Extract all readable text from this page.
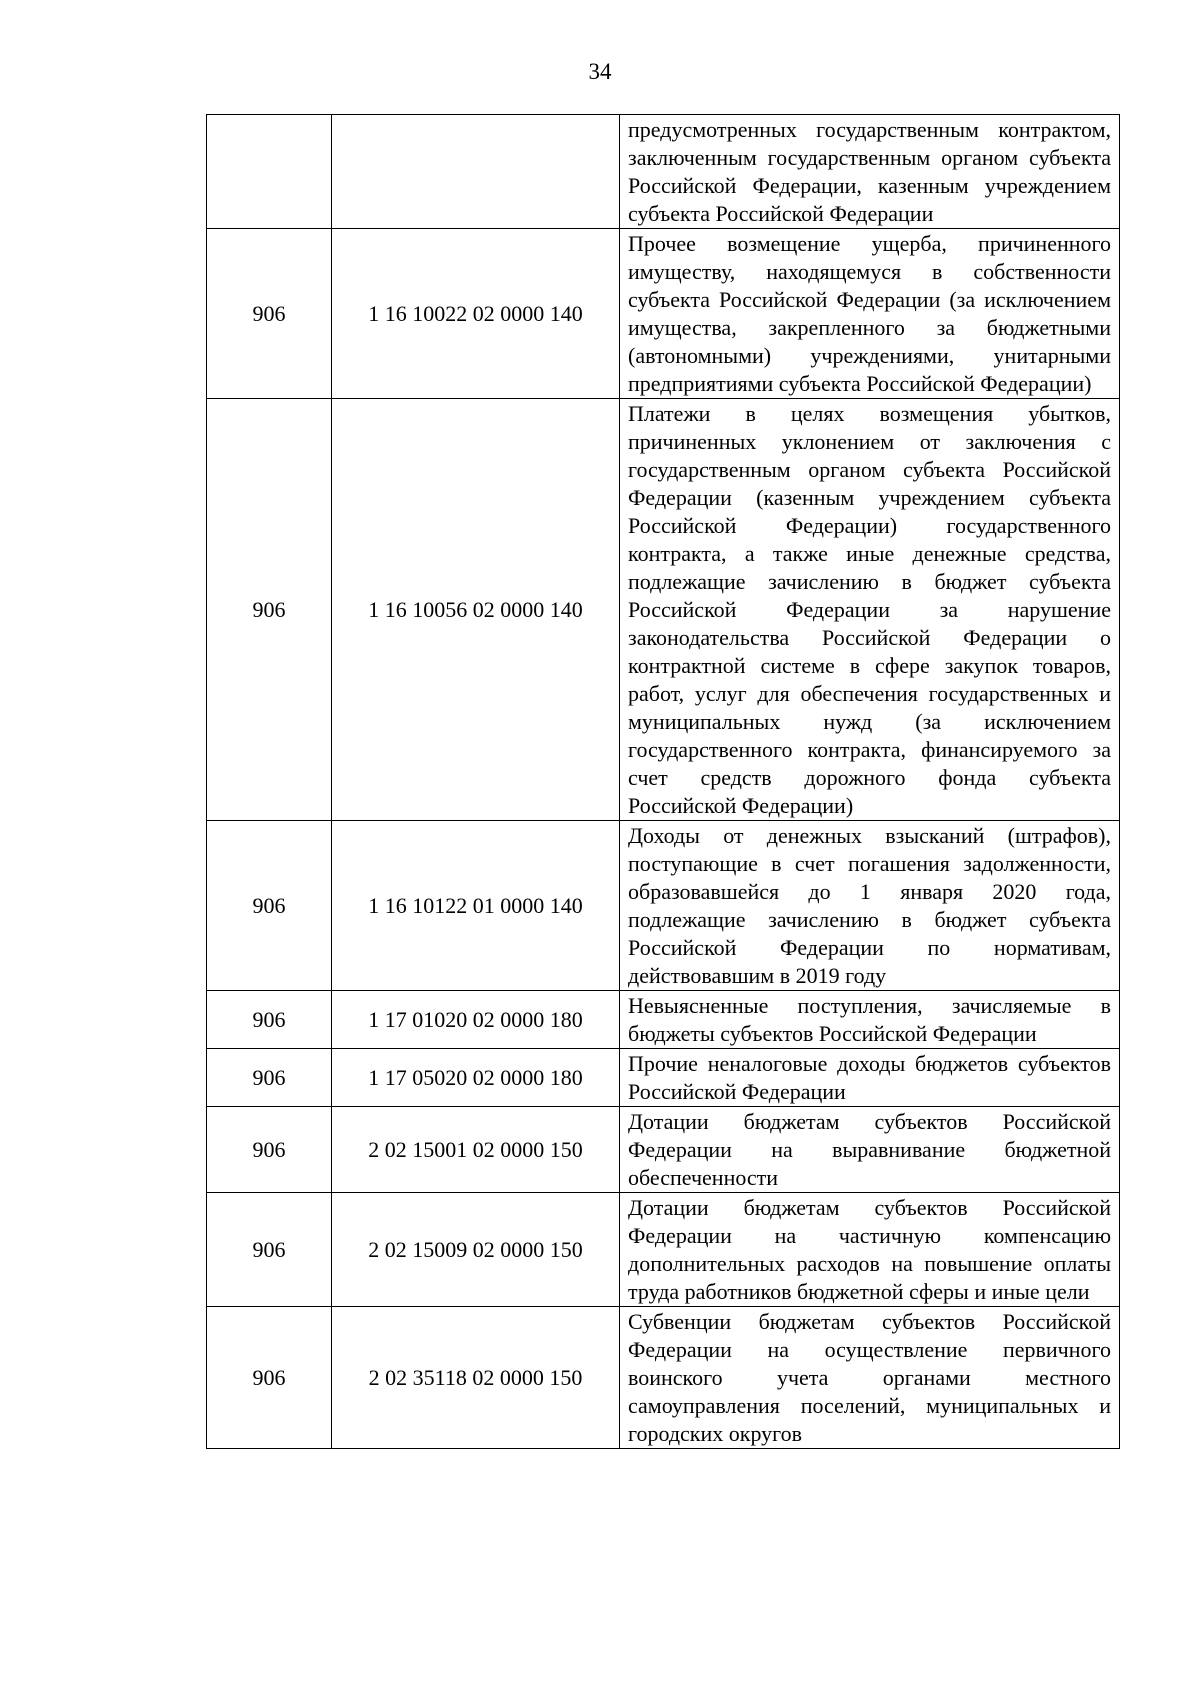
34

		предусмотренных государственным контрактом, заключенным государственным органом субъекта Российской Федерации, казенным учреждением субъекта Российской Федерации

906	1 16 10022 02 0000 140	Прочее возмещение ущерба, причиненного имуществу, находящемуся в собственности субъекта Российской Федерации (за исключением имущества, закрепленного за бюджетными (автономными) учреждениями, унитарными предприятиями субъекта Российской Федерации)

906	1 16 10056 02 0000 140	Платежи в целях возмещения убытков, причиненных уклонением от заключения с государственным органом субъекта Российской Федерации (казенным учреждением субъекта Российской Федерации) государственного контракта, а также иные денежные средства, подлежащие зачислению в бюджет субъекта Российской Федерации за нарушение законодательства Российской Федерации о контрактной системе в сфере закупок товаров, работ, услуг для обеспечения государственных и муниципальных нужд (за исключением государственного контракта, финансируемого за счет средств дорожного фонда субъекта Российской Федерации)

906	1 16 10122 01 0000 140	Доходы от денежных взысканий (штрафов), поступающие в счет погашения задолженности, образовавшейся до 1 января 2020 года, подлежащие зачислению в бюджет субъекта Российской Федерации по нормативам, действовавшим в 2019 году

906	1 17 01020 02 0000 180	Невыясненные поступления, зачисляемые в бюджеты субъектов Российской Федерации

906	1 17 05020 02 0000 180	Прочие неналоговые доходы бюджетов субъектов Российской Федерации

906	2 02 15001 02 0000 150	Дотации бюджетам субъектов Российской Федерации на выравнивание бюджетной обеспеченности

906	2 02 15009 02 0000 150	Дотации бюджетам субъектов Российской Федерации на частичную компенсацию дополнительных расходов на повышение оплаты труда работников бюджетной сферы и иные цели

906	2 02 35118 02 0000 150	Субвенции бюджетам субъектов Российской Федерации на осуществление первичного воинского учета органами местного самоуправления поселений, муниципальных и городских округов
